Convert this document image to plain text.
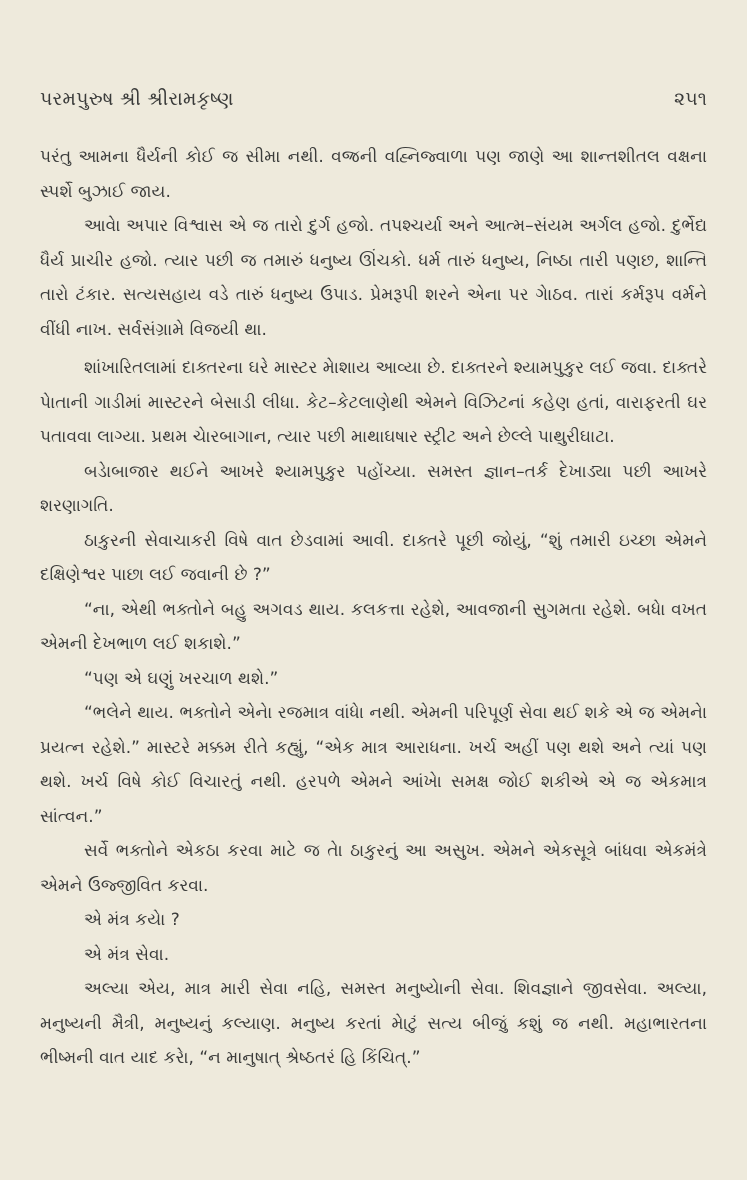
પરમપુરુષ શ્રી શ્રીરામકૃષ્ણ	૨૫૧

પરંતુ આમના ધૈર્યની કોઈ જ સીમા નથી. વજ્રની વહ્નિજ્વાળા પણ જાણે આ શાન્તશીતલ વક્ષના સ્પર્શે બુઝાઈ જાય.

આવેા અપાર વિશ્વાસ એ જ તારો દુર્ગ હજો. તપશ્ચર્યા અને આત્મ–સંયમ અર્ગલ હજો. દુર્ભેદ્ય ધૈર્ય પ્રાચીર હજો. ત્યાર પછી જ તમારું ધનુષ્ય ઊંચકો. ધર્મ તારું ધનુષ્ય, નિષ્ઠા તારી પણછ, શાન્તિ તારો ટંકાર. સત્યસહાય વડે તારું ધનુષ્ય ઉપાડ. પ્રેમરૂપી શરને એના પર ગેાઠવ. તારાં કર્મરૂપ વર્મને વીંધી નાખ. સર્વસંગ્રામે વિજયી થા.

શાંખારિતલામાં દાક્તરના ઘરે માસ્ટર મેાશાય આવ્યા છે. દાક્તરને શ્યામપુકુર લઈ જવા. દાક્તરે પેાતાની ગાડીમાં માસ્ટરને બેસાડી લીધા. કેટ–કેટલાણેથી એમને વિઝિટનાં કહેણ હતાં, વારાફરતી ઘર પતાવવા લાગ્યા. પ્રથમ ચેારબાગાન, ત્યાર પછી માથાઘષાર સ્ટ્રીટ અને છેલ્લે પાથુરીઘાટા.

બડેાબાજાર થઈને આખરે શ્યામપુકુર પહોંચ્યા. સમસ્ત જ્ઞાન–તર્ક દેખાડ્યા પછી આખરે શરણાગતિ.

ઠાકુરની સેવાચાકરી વિષે વાત છેડવામાં આવી. દાક્તરે પૂછી જોયું, “શું તમારી ઇચ્છા એમને દક્ષિણેશ્વર પાછા લઈ જવાની છે ?”

“ના, એથી ભક્તોને બહુ અગવડ થાય. કલકત્તા રહેશે, આવજાની સુગમતા રહેશે. બધેા વખત એમની દેખભાળ લઈ શકાશે.”

“પણ એ ઘણું ખરચાળ થશે.”

“ભલેને થાય. ભક્તોને એનેા રજમાત્ર વાંધેા નથી. એમની પરિપૂર્ણ સેવા થઈ શકે એ જ એમનેા પ્રયત્ન રહેશે.” માસ્ટરે મક્કમ રીતે કહ્યું, “એક માત્ર આરાધના. ખર્ચ અહીં પણ થશે અને ત્યાં પણ થશે. ખર્ચ વિષે કોઈ વિચારતું નથી. હરપળે એમને આંખેા સમક્ષ જોઈ શકીએ એ જ એકમાત્ર સાંત્વન.”

સર્વે ભક્તોને એકઠા કરવા માટે જ તેા ઠાકુરનું આ અસુખ. એમને એકસૂત્રે બાંધવા એકમંત્રે એમને ઉજ્જીવિત કરવા.

એ મંત્ર કયેા ?

એ મંત્ર સેવા.

અલ્યા એય, માત્ર મારી સેવા નહિ, સમસ્ત મનુષ્યેાની સેવા. શિવજ્ઞાને જીવસેવા. અલ્યા, મનુષ્યની મૈત્રી, મનુષ્યનું કલ્યાણ. મનુષ્ય કરતાં મેાટું સત્ય બીજું કશું જ નથી. મહાભારતના ભીષ્મની વાત યાદ કરેા, “ન માનુષાત્ શ્રેષ્ઠતરં હિ કિંચિત્.”
